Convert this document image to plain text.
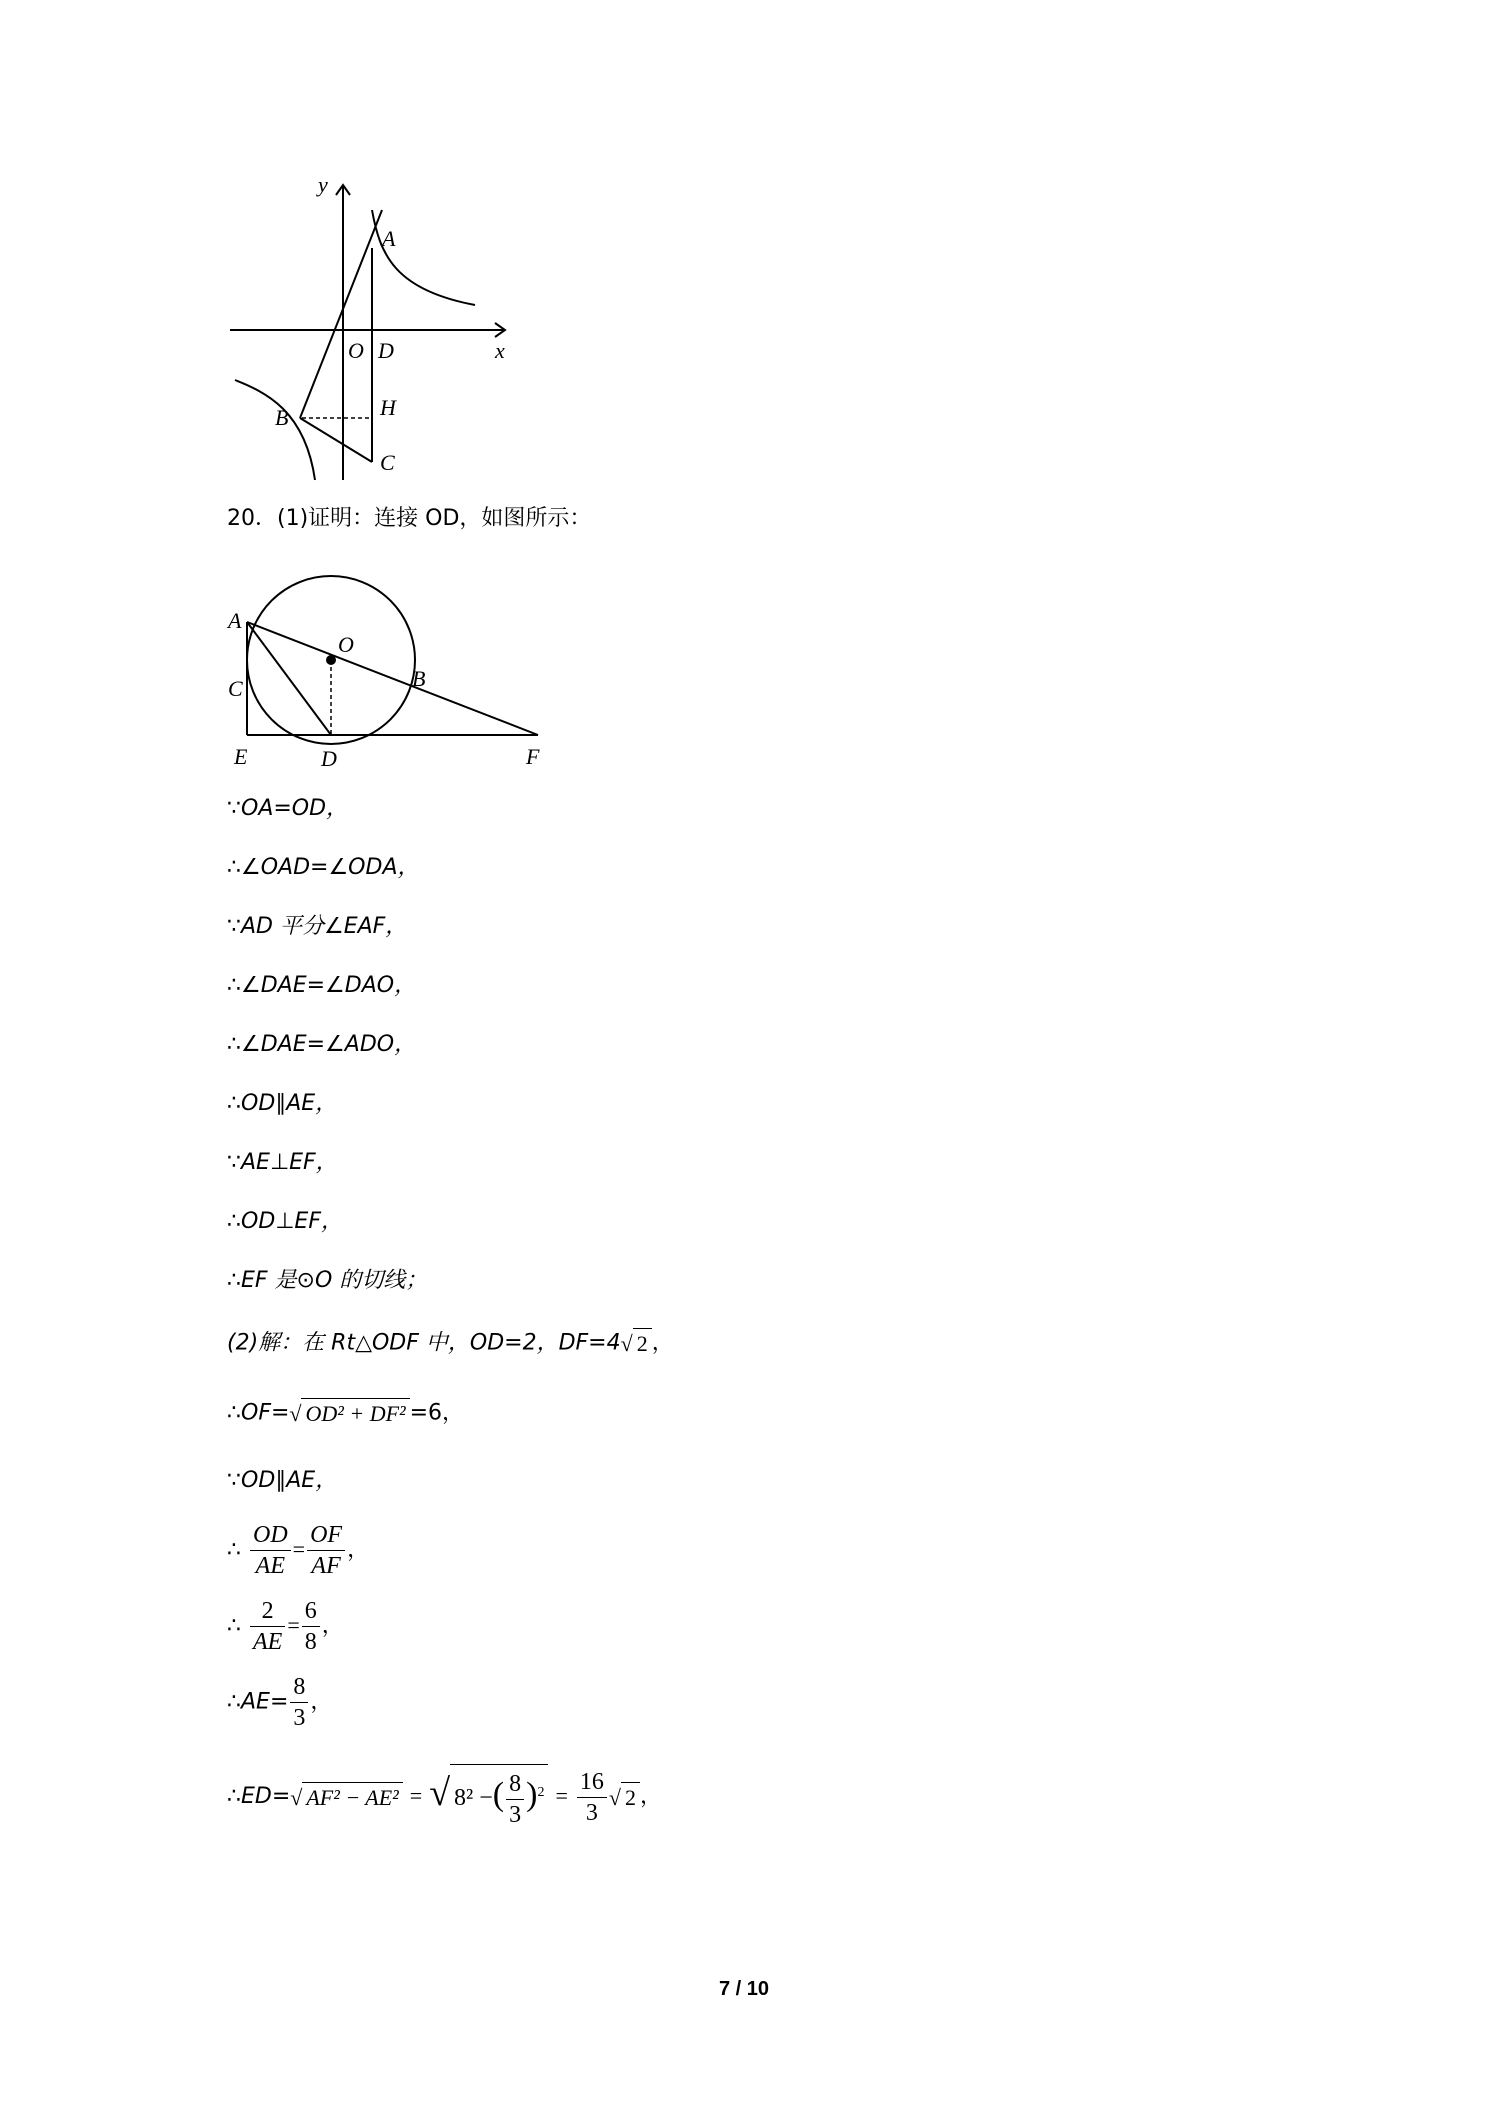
y
A
O D	x
B	H
C
20．(1)证明：连接 OD，如图所示：
A
O
B
C
E	D	F
∵OA=OD，
∴∠OAD=∠ODA，
∵AD 平分∠EAF，
∴∠DAE=∠DAO，
∴∠DAE=∠ADO，
∴OD∥AE，
∵AE⊥EF，
∴OD⊥EF，
∴EF 是⊙O 的切线；
(2)解：在 Rt△ODF 中，OD=2，DF=4√ 2 ，
∴OF=√ OD² + DF² =6，
∵OD∥AE，
∴ $\frac{OD}{AE} = \frac{OF}{AF}$ ，
∴ $\frac{2}{AE} = \frac{6}{8}$ ，
∴AE= $\frac{8}{3}$ ，
∴ED=√ AF² − AE² = √ 8² −( $\frac{8}{3} )^2 = \frac{16}{3}$ √ 2 ，
7 / 10
